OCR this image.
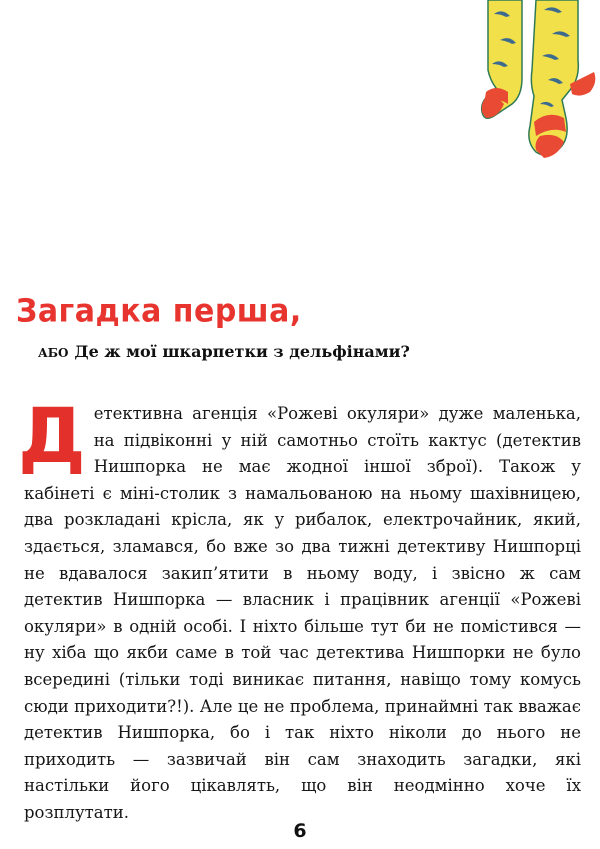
Загадка перша,
або Де ж мої шкарпетки з дельфінами?

Детективна агенція «Рожеві окуляри» дуже маленька, на підвіконні у ній самотньо стоїть кактус (детектив Нишпорка не має жодної іншої зброї). Також у кабінеті є міні-столик з намальованою на ньому шахівницею, два розкладані крісла, як у рибалок, електрочайник, який, здається, зламався, бо вже зо два тижні детективу Нишпорці не вдавалося закип’ятити в ньому воду, і звісно ж сам детектив Нишпорка — власник і працівник агенції «Рожеві окуляри» в одній особі. І ніхто більше тут би не помістився — ну хіба що якби саме в той час детектива Нишпорки не було всередині (тільки тоді виникає питання, навіщо тому комусь сюди приходити?!). Але це не проблема, принаймні так вважає детектив Нишпорка, бо і так ніхто ніколи до нього не приходить — зазвичай він сам знаходить загадки, які настільки його цікавлять, що він неодмінно хоче їх розплутати.

6
